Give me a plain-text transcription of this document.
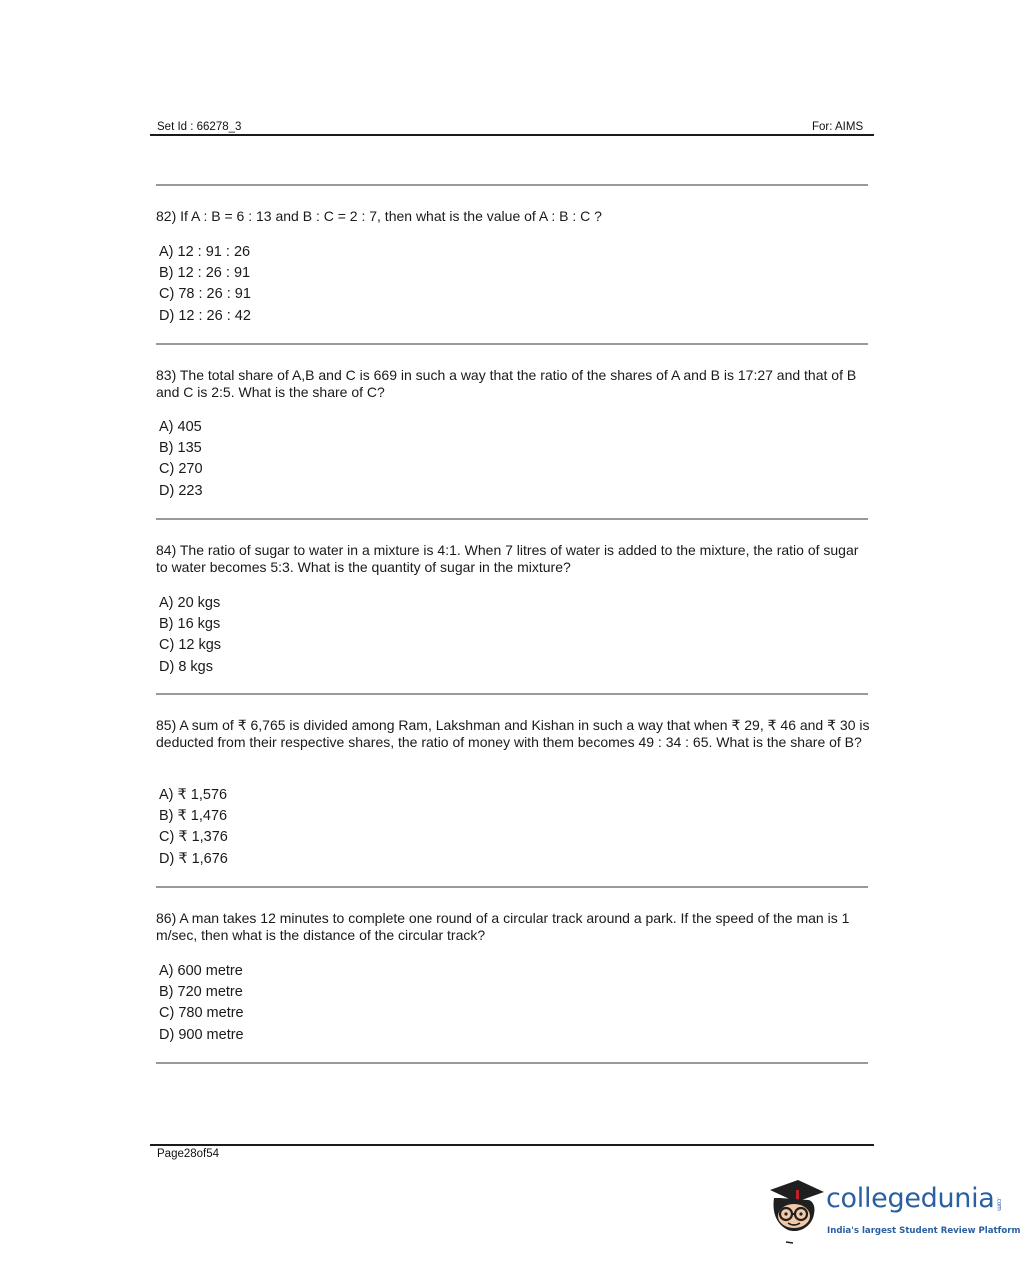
Set Id : 66278_3	For: AIMS
82) If A : B = 6 : 13 and B : C = 2 : 7, then what is the value of A : B : C ?
A) 12 : 91 : 26
B) 12 : 26 : 91
C) 78 : 26 : 91
D) 12 : 26 : 42
83) The total share of A,B and C is 669 in such a way that the ratio of the shares of A and B is 17:27 and that of B and C is 2:5. What is the share of C?
A) 405
B) 135
C) 270
D) 223
84) The ratio of sugar to water in a mixture is 4:1. When 7 litres of water is added to the mixture, the ratio of sugar to water becomes 5:3. What is the quantity of sugar in the mixture?
A) 20 kgs
B) 16 kgs
C) 12 kgs
D) 8 kgs
85) A sum of ₹ 6,765 is divided among Ram, Lakshman and Kishan in such a way that when ₹ 29, ₹ 46 and ₹ 30 is deducted from their respective shares, the ratio of money with them becomes 49 : 34 : 65. What is the share of B?
A) ₹ 1,576
B) ₹ 1,476
C) ₹ 1,376
D) ₹ 1,676
86) A man takes 12 minutes to complete one round of a circular track around a park. If the speed of the man is 1 m/sec, then what is the distance of the circular track?
A) 600 metre
B) 720 metre
C) 780 metre
D) 900 metre
Page28of54
collegedunia .com
India's largest Student Review Platform
